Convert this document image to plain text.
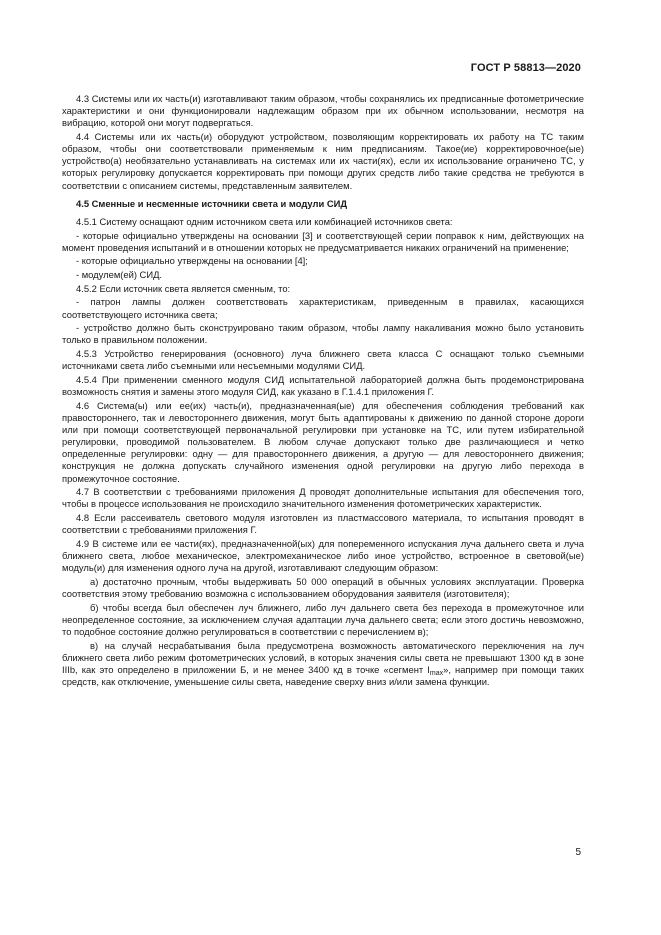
ГОСТ Р 58813—2020

4.3 Системы или их часть(и) изготавливают таким образом, чтобы сохранялись их предписанные фотометрические характеристики и они функционировали надлежащим образом при их обычном использовании, несмотря на вибрацию, которой они могут подвергаться.

4.4 Системы или их часть(и) оборудуют устройством, позволяющим корректировать их работу на ТС таким образом, чтобы они соответствовали применяемым к ним предписаниям. Такое(ие) корректировочное(ые) устройство(а) необязательно устанавливать на системах или их части(ях), если их использование ограничено ТС, у которых регулировку допускается корректировать при помощи других средств либо такие средства не требуются в соответствии с описанием системы, представленным заявителем.

4.5 Сменные и несменные источники света и модули СИД

4.5.1 Систему оснащают одним источником света или комбинацией источников света:

- которые официально утверждены на основании [3] и соответствующей серии поправок к ним, действующих на момент проведения испытаний и в отношении которых не предусматривается никаких ограничений на применение;

- которые официально утверждены на основании [4];

- модулем(ей) СИД.

4.5.2 Если источник света является сменным, то:

- патрон лампы должен соответствовать характеристикам, приведенным в правилах, касающихся соответствующего источника света;

- устройство должно быть сконструировано таким образом, чтобы лампу накаливания можно было установить только в правильном положении.

4.5.3 Устройство генерирования (основного) луча ближнего света класса С оснащают только съемными источниками света либо съемными или несъемными модулями СИД.

4.5.4 При применении сменного модуля СИД испытательной лабораторией должна быть продемонстрирована возможность снятия и замены этого модуля СИД, как указано в Г.1.4.1 приложения Г.

4.6 Система(ы) или ее(их) часть(и), предназначенная(ые) для обеспечения соблюдения требований как правостороннего, так и левостороннего движения, могут быть адаптированы к движению по данной стороне дороги или при помощи соответствующей первоначальной регулировки при установке на ТС, или путем избирательной регулировки, проводимой пользователем. В любом случае допускают только две различающиеся и четко определенные регулировки: одну — для правостороннего движения, а другую — для левостороннего движения; конструкция не должна допускать случайного изменения одной регулировки на другую либо перехода в промежуточное состояние.

4.7 В соответствии с требованиями приложения Д проводят дополнительные испытания для обеспечения того, чтобы в процессе использования не происходило значительного изменения фотометрических характеристик.

4.8 Если рассеиватель светового модуля изготовлен из пластмассового материала, то испытания проводят в соответствии с требованиями приложения Г.

4.9 В системе или ее части(ях), предназначенной(ых) для попеременного испускания луча дальнего света и луча ближнего света, любое механическое, электромеханическое либо иное устройство, встроенное в световой(ые) модуль(и) для изменения одного луча на другой, изготавливают следующим образом:

а) достаточно прочным, чтобы выдерживать 50 000 операций в обычных условиях эксплуатации. Проверка соответствия этому требованию возможна с использованием оборудования заявителя (изготовителя);

б) чтобы всегда был обеспечен луч ближнего, либо луч дальнего света без перехода в промежуточное или неопределенное состояние, за исключением случая адаптации луча дальнего света; если этого достичь невозможно, то подобное состояние должно регулироваться в соответствии с перечислением в);

в) на случай несрабатывания была предусмотрена возможность автоматического переключения на луч ближнего света либо режим фотометрических условий, в которых значения силы света не превышают 1300 кд в зоне IIIb, как это определено в приложении Б, и не менее 3400 кд в точке «сегмент $I_{max}$», например при помощи таких средств, как отключение, уменьшение силы света, наведение сверху вниз и/или замена функции.

5
